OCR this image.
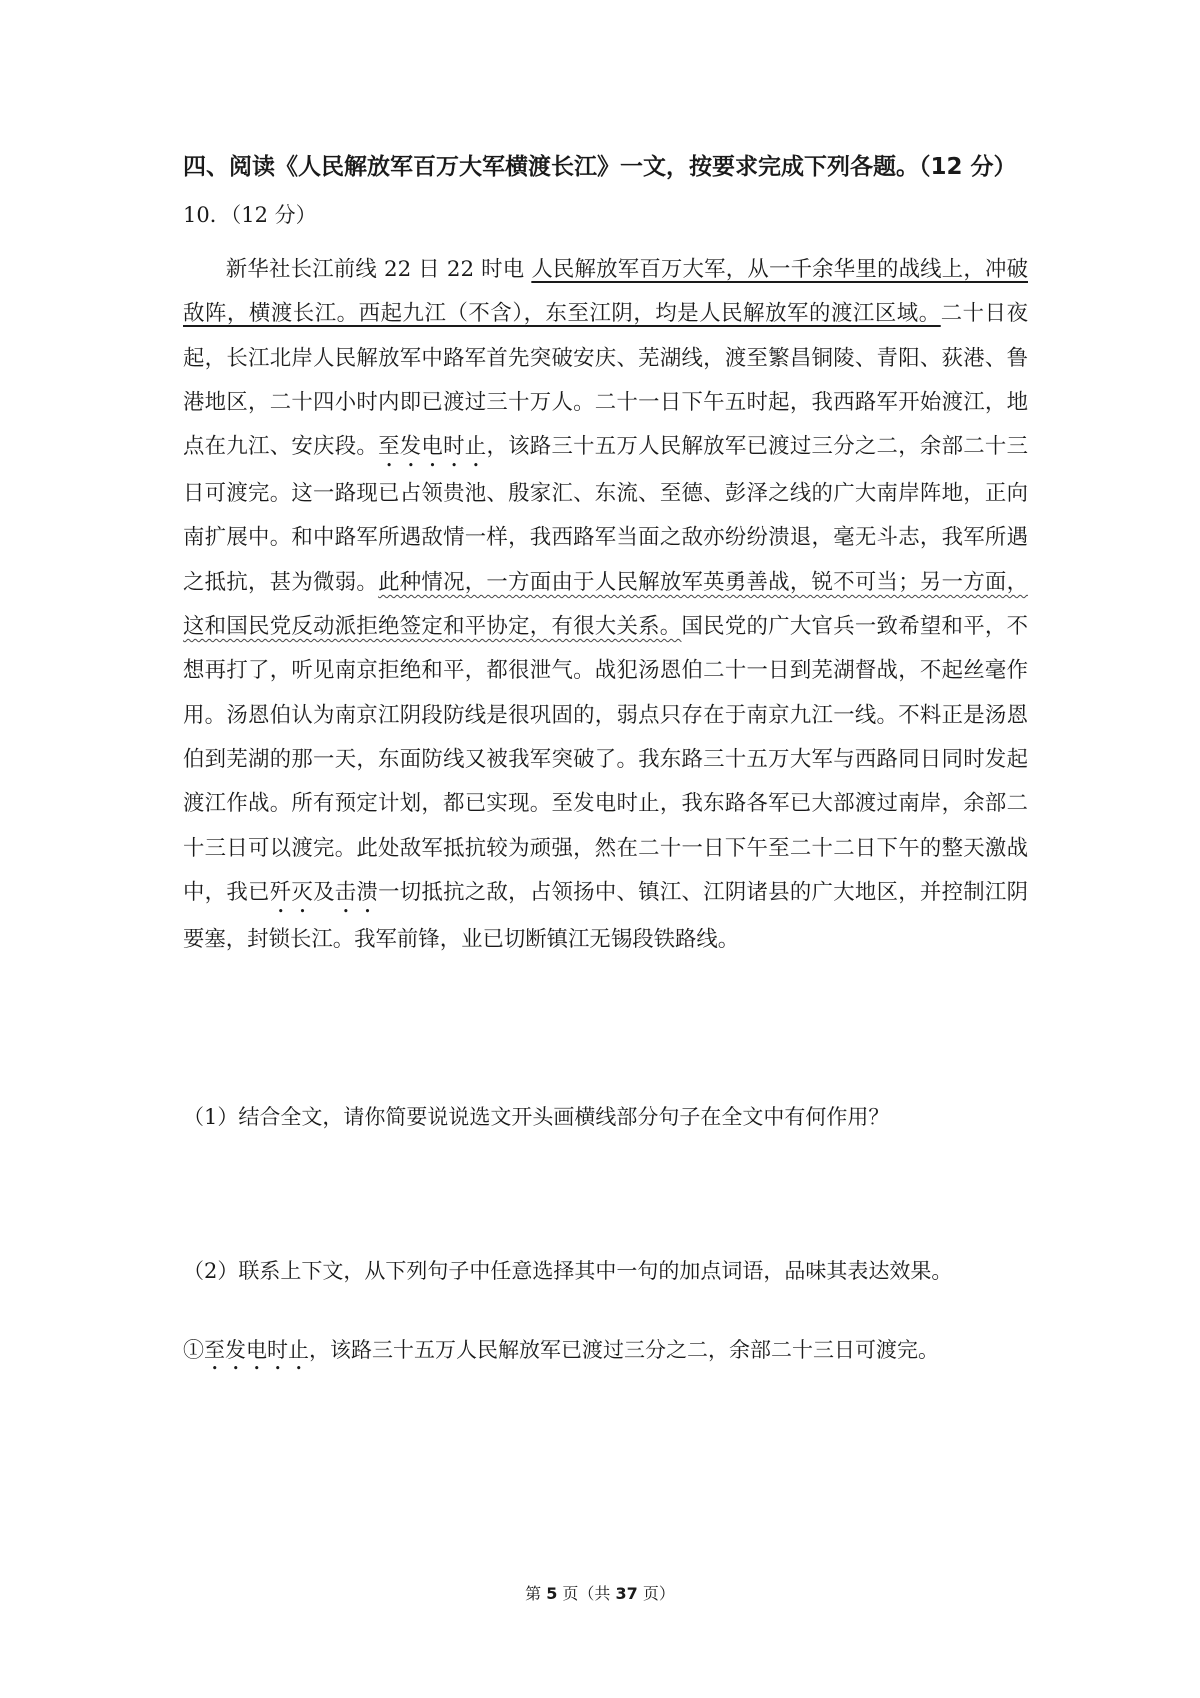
四、阅读《人民解放军百万大军横渡长江》一文，按要求完成下列各题。（12 分）
10．（12 分）
新华社长江前线 22 日 22 时电 人民解放军百万大军，从一千余华里的战线上，冲破敌阵，横渡长江。西起九江（不含），东至江阴，均是人民解放军的渡江区域。二十日夜起，长江北岸人民解放军中路军首先突破安庆、芜湖线，渡至繁昌铜陵、青阳、荻港、鲁港地区，二十四小时内即已渡过三十万人。二十一日下午五时起，我西路军开始渡江，地点在九江、安庆段。至发电时止，该路三十五万人民解放军已渡过三分之二，余部二十三日可渡完。这一路现已占领贵池、殷家汇、东流、至德、彭泽之线的广大南岸阵地，正向南扩展中。和中路军所遇敌情一样，我西路军当面之敌亦纷纷溃退，毫无斗志，我军所遇之抵抗，甚为微弱。此种情况，一方面由于人民解放军英勇善战，锐不可当；另一方面，这和国民党反动派拒绝签定和平协定，有很大关系。国民党的广大官兵一致希望和平，不想再打了，听见南京拒绝和平，都很泄气。战犯汤恩伯二十一日到芜湖督战，不起丝毫作用。汤恩伯认为南京江阴段防线是很巩固的，弱点只存在于南京九江一线。不料正是汤恩伯到芜湖的那一天，东面防线又被我军突破了。我东路三十五万大军与西路同日同时发起渡江作战。所有预定计划，都已实现。至发电时止，我东路各军已大部渡过南岸，余部二十三日可以渡完。此处敌军抵抗较为顽强，然在二十一日下午至二十二日下午的整天激战中，我已歼灭及击溃一切抵抗之敌，占领扬中、镇江、江阴诸县的广大地区，并控制江阴要塞，封锁长江。我军前锋，业已切断镇江无锡段铁路线。
（1）结合全文，请你简要说说选文开头画横线部分句子在全文中有何作用？
（2）联系上下文，从下列句子中任意选择其中一句的加点词语，品味其表达效果。
①至发电时止，该路三十五万人民解放军已渡过三分之二，余部二十三日可渡完。
第 5 页（共 37 页）
